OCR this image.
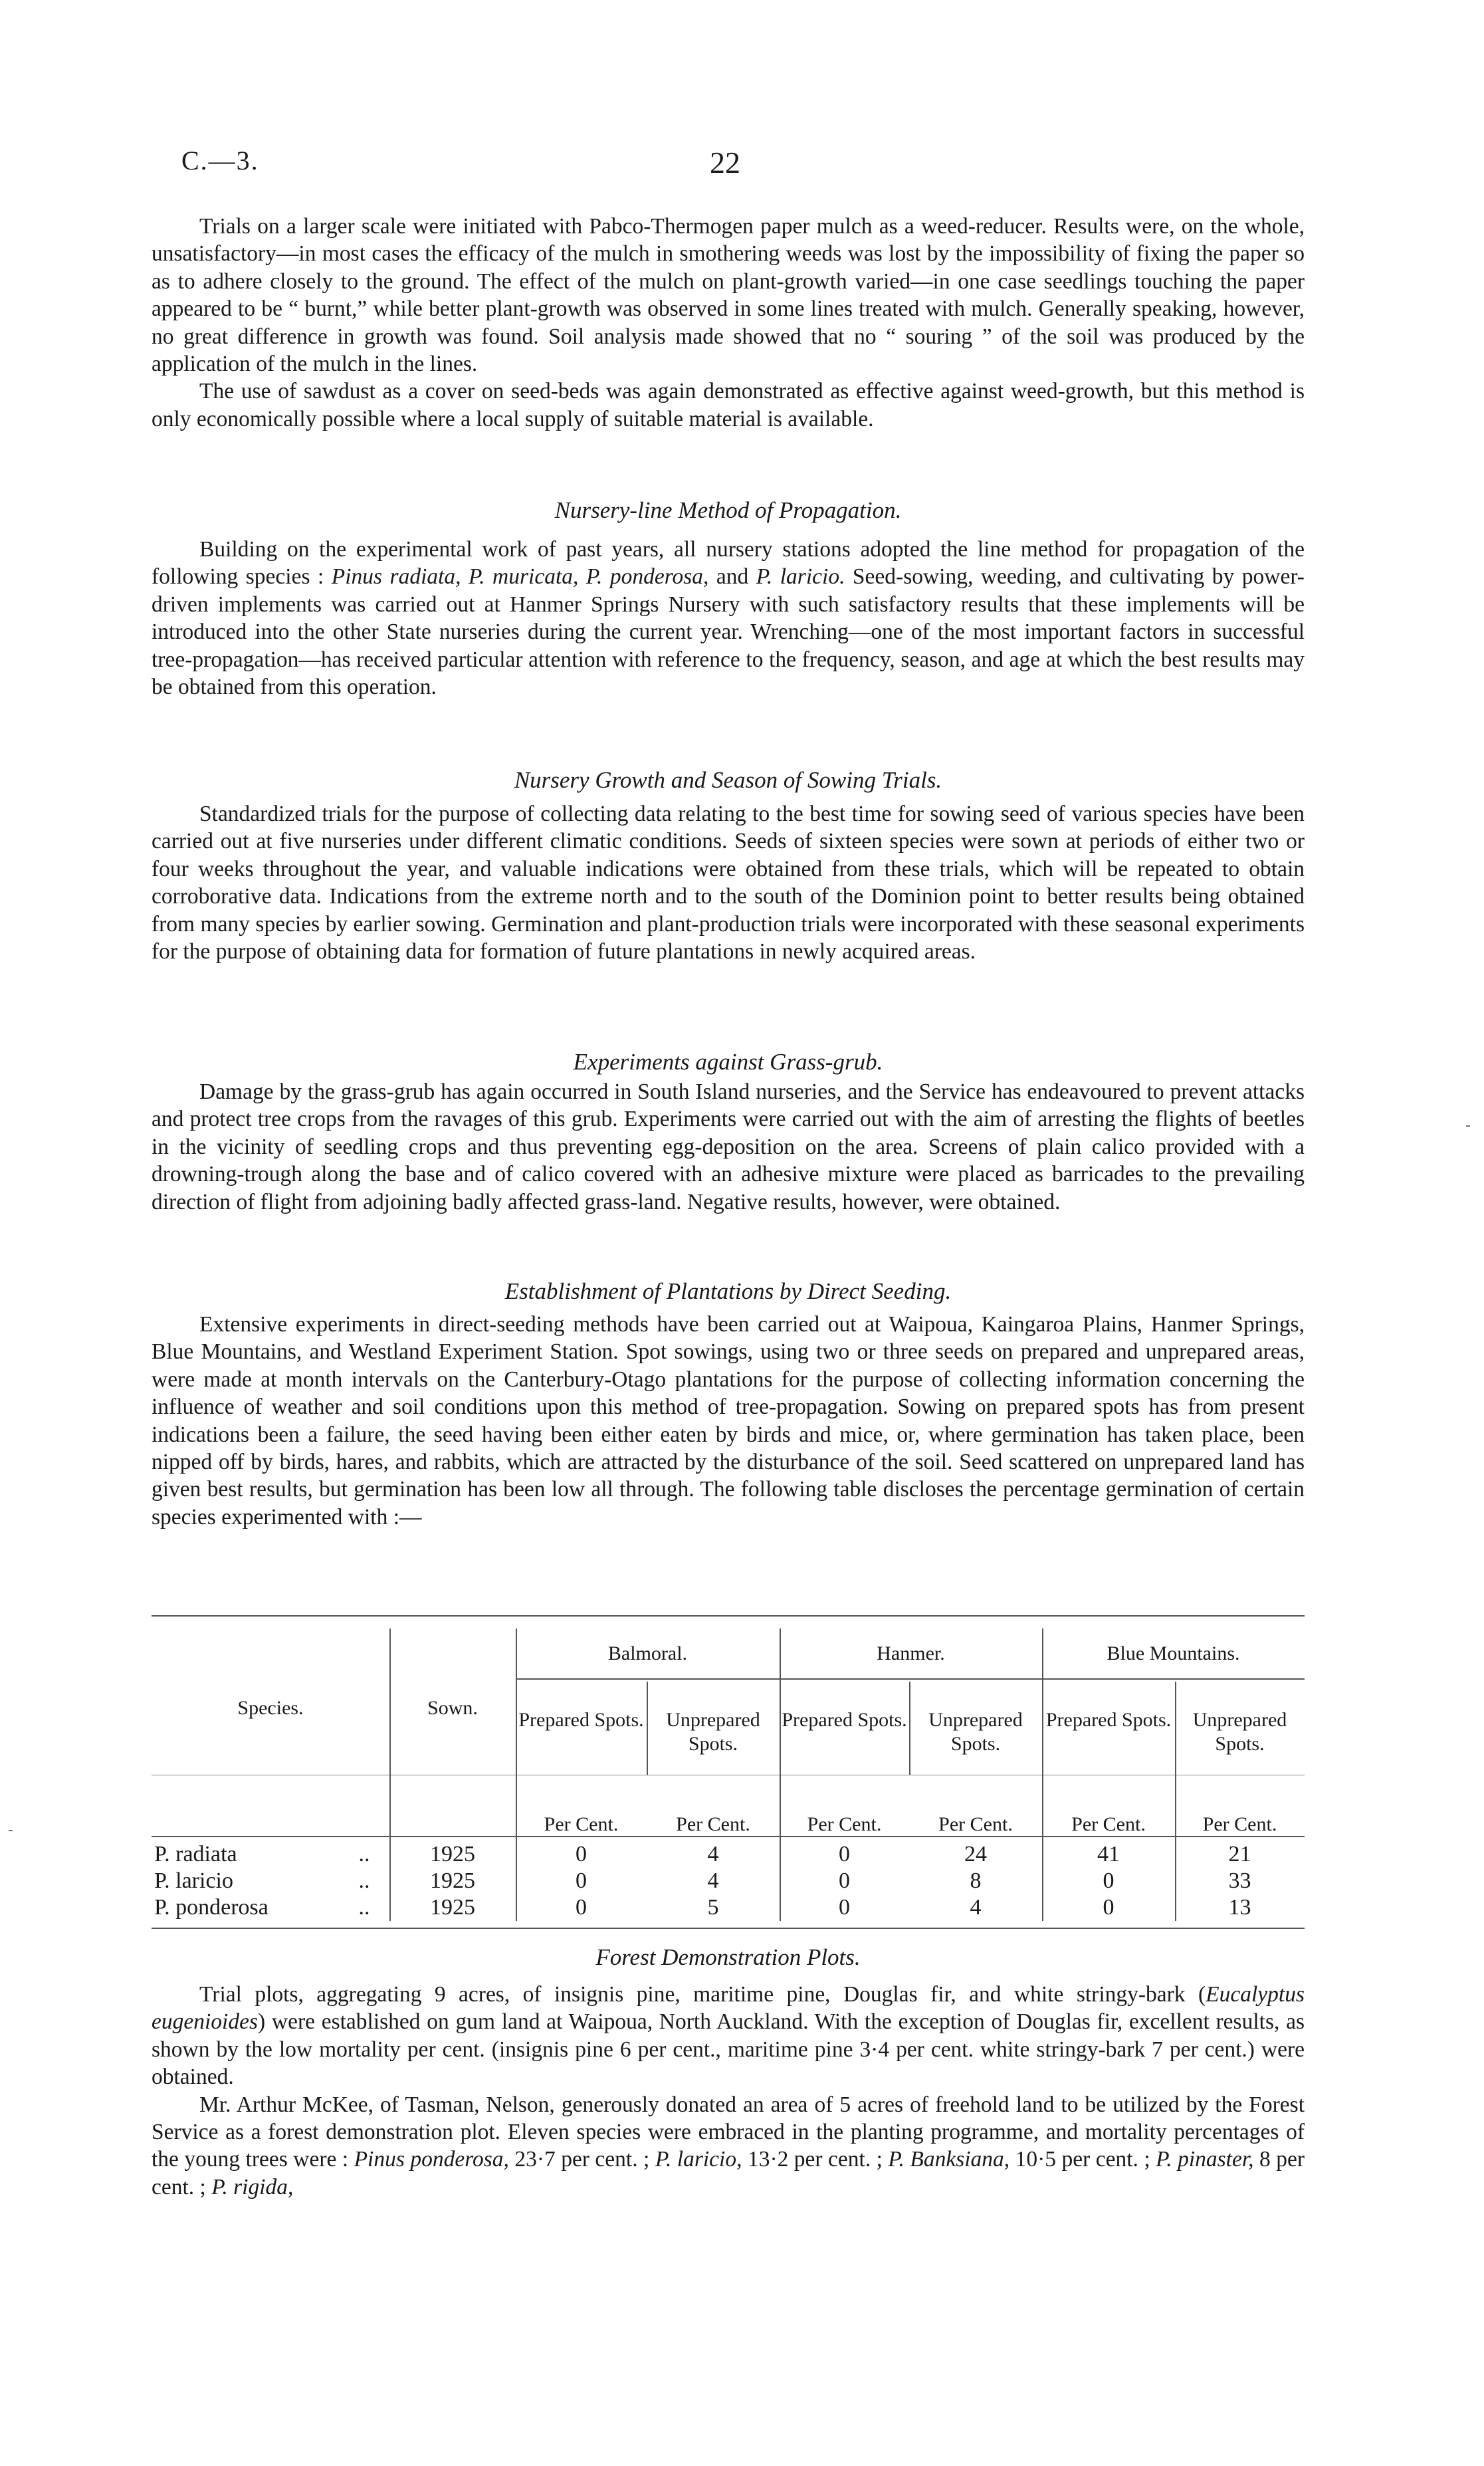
C.—3.	22

Trials on a larger scale were initiated with Pabco-Thermogen paper mulch as a weed-reducer. Results were, on the whole, unsatisfactory—in most cases the efficacy of the mulch in smothering weeds was lost by the impossibility of fixing the paper so as to adhere closely to the ground. The effect of the mulch on plant-growth varied—in one case seedlings touching the paper appeared to be “ burnt,” while better plant-growth was observed in some lines treated with mulch. Generally speaking, however, no great difference in growth was found. Soil analysis made showed that no “ souring ” of the soil was produced by the application of the mulch in the lines.

The use of sawdust as a cover on seed-beds was again demonstrated as effective against weed-growth, but this method is only economically possible where a local supply of suitable material is available.

Nursery-line Method of Propagation.

Building on the experimental work of past years, all nursery stations adopted the line method for propagation of the following species : Pinus radiata, P. muricata, P. ponderosa, and P. laricio. Seed-sowing, weeding, and cultivating by power-driven implements was carried out at Hanmer Springs Nursery with such satisfactory results that these implements will be introduced into the other State nurseries during the current year. Wrenching—one of the most important factors in successful tree-propagation—has received particular attention with reference to the frequency, season, and age at which the best results may be obtained from this operation.

Nursery Growth and Season of Sowing Trials.

Standardized trials for the purpose of collecting data relating to the best time for sowing seed of various species have been carried out at five nurseries under different climatic conditions. Seeds of sixteen species were sown at periods of either two or four weeks throughout the year, and valuable indications were obtained from these trials, which will be repeated to obtain corroborative data. Indications from the extreme north and to the south of the Dominion point to better results being obtained from many species by earlier sowing. Germination and plant-production trials were incorporated with these seasonal experiments for the purpose of obtaining data for formation of future plantations in newly acquired areas.

Experiments against Grass-grub.

Damage by the grass-grub has again occurred in South Island nurseries, and the Service has endeavoured to prevent attacks and protect tree crops from the ravages of this grub. Experiments were carried out with the aim of arresting the flights of beetles in the vicinity of seedling crops and thus preventing egg-deposition on the area. Screens of plain calico provided with a drowning-trough along the base and of calico covered with an adhesive mixture were placed as barricades to the prevailing direction of flight from adjoining badly affected grass-land. Negative results, however, were obtained.

Establishment of Plantations by Direct Seeding.

Extensive experiments in direct-seeding methods have been carried out at Waipoua, Kaingaroa Plains, Hanmer Springs, Blue Mountains, and Westland Experiment Station. Spot sowings, using two or three seeds on prepared and unprepared areas, were made at month intervals on the Canterbury-Otago plantations for the purpose of collecting information concerning the influence of weather and soil conditions upon this method of tree-propagation. Sowing on prepared spots has from present indications been a failure, the seed having been either eaten by birds and mice, or, where germination has taken place, been nipped off by birds, hares, and rabbits, which are attracted by the disturbance of the soil. Seed scattered on unprepared land has given best results, but germination has been low all through. The following table discloses the percentage germination of certain species experimented with :—

Species.	Sown.
Balmoral.	Hanmer.	Blue Mountains.
Prepared Spots.	Unprepared Spots.
Prepared Spots.	Unprepared Spots.
Prepared Spots.	Unprepared Spots.
Per Cent.	Per Cent.	Per Cent.	Per Cent.	Per Cent.	Per Cent.
P. radiata	..	1925	0	4	0	24	41	21
P. laricio	..	1925	0	4	0	8	0	33
P. ponderosa	..	1925	0	5	0	4	0	13
Forest Demonstration Plots.

Trial plots, aggregating 9 acres, of insignis pine, maritime pine, Douglas fir, and white stringy-bark (Eucalyptus eugenioides) were established on gum land at Waipoua, North Auckland. With the exception of Douglas fir, excellent results, as shown by the low mortality per cent. (insignis pine 6 per cent., maritime pine 3·4 per cent. white stringy-bark 7 per cent.) were obtained.

Mr. Arthur McKee, of Tasman, Nelson, generously donated an area of 5 acres of freehold land to be utilized by the Forest Service as a forest demonstration plot. Eleven species were embraced in the planting programme, and mortality percentages of the young trees were : Pinus ponderosa, 23·7 per cent. ; P. laricio, 13·2 per cent. ; P. Banksiana, 10·5 per cent. ; P. pinaster, 8 per cent. ; P. rigida,

-
-
